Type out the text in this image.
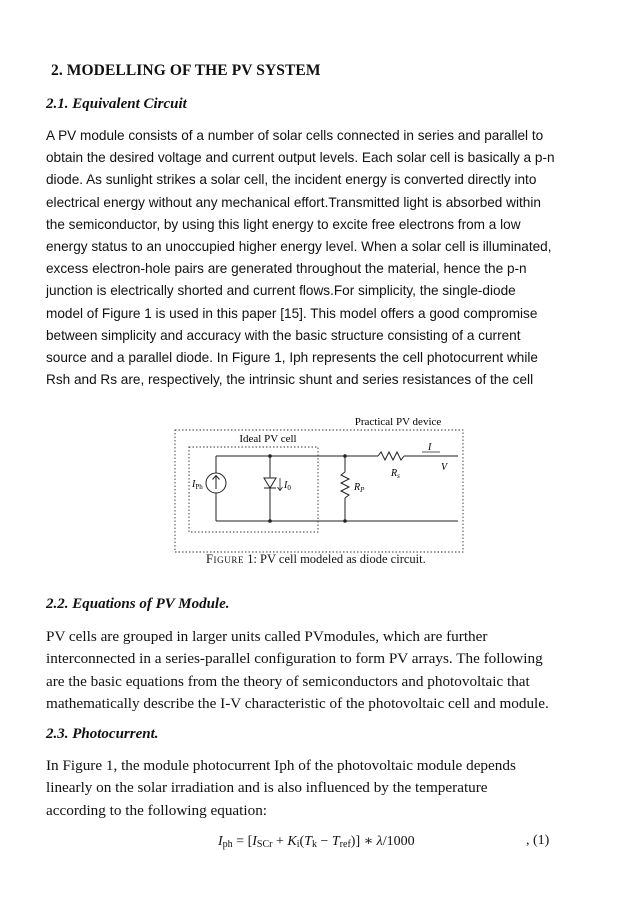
2. MODELLING OF THE PV SYSTEM
2.1. Equivalent Circuit

A PV module consists of a number of solar cells connected in series and parallel to
obtain the desired voltage and current output levels. Each solar cell is basically a p-n
diode. As sunlight strikes a solar cell, the incident energy is converted directly into
electrical energy without any mechanical effort.Transmitted light is absorbed within
the semiconductor, by using this light energy to excite free electrons from a low
energy status to an unoccupied higher energy level. When a solar cell is illuminated,
excess electron-hole pairs are generated throughout the material, hence the p-n
junction is electrically shorted and current flows.For simplicity, the single-diode
model of Figure 1 is used in this paper [15]. This model offers a good compromise
between simplicity and accuracy with the basic structure consisting of a current
source and a parallel diode. In Figure 1, Iph represents the cell photocurrent while
Rsh and Rs are, respectively, the intrinsic shunt and series resistances of the cell

Practical PV device
Ideal PV cell
$R_s$
I
V
$I_{Ph}$	$I_0$	$R_P$
Figure 1: PV cell modeled as diode circuit.
2.2. Equations of PV Module.

PV cells are grouped in larger units called PVmodules, which are further
interconnected in a series-parallel configuration to form PV arrays. The following
are the basic equations from the theory of semiconductors and photovoltaic that
mathematically describe the I-V characteristic of the photovoltaic cell and module.

2.3. Photocurrent.

In Figure 1, the module photocurrent Iph of the photovoltaic module depends
linearly on the solar irradiation and is also influenced by the temperature
according to the following equation:

$I_{ph} = [I_{SCr} + K_i(T_k - T_{ref})]$ ∗ λ/1000	, (1)
